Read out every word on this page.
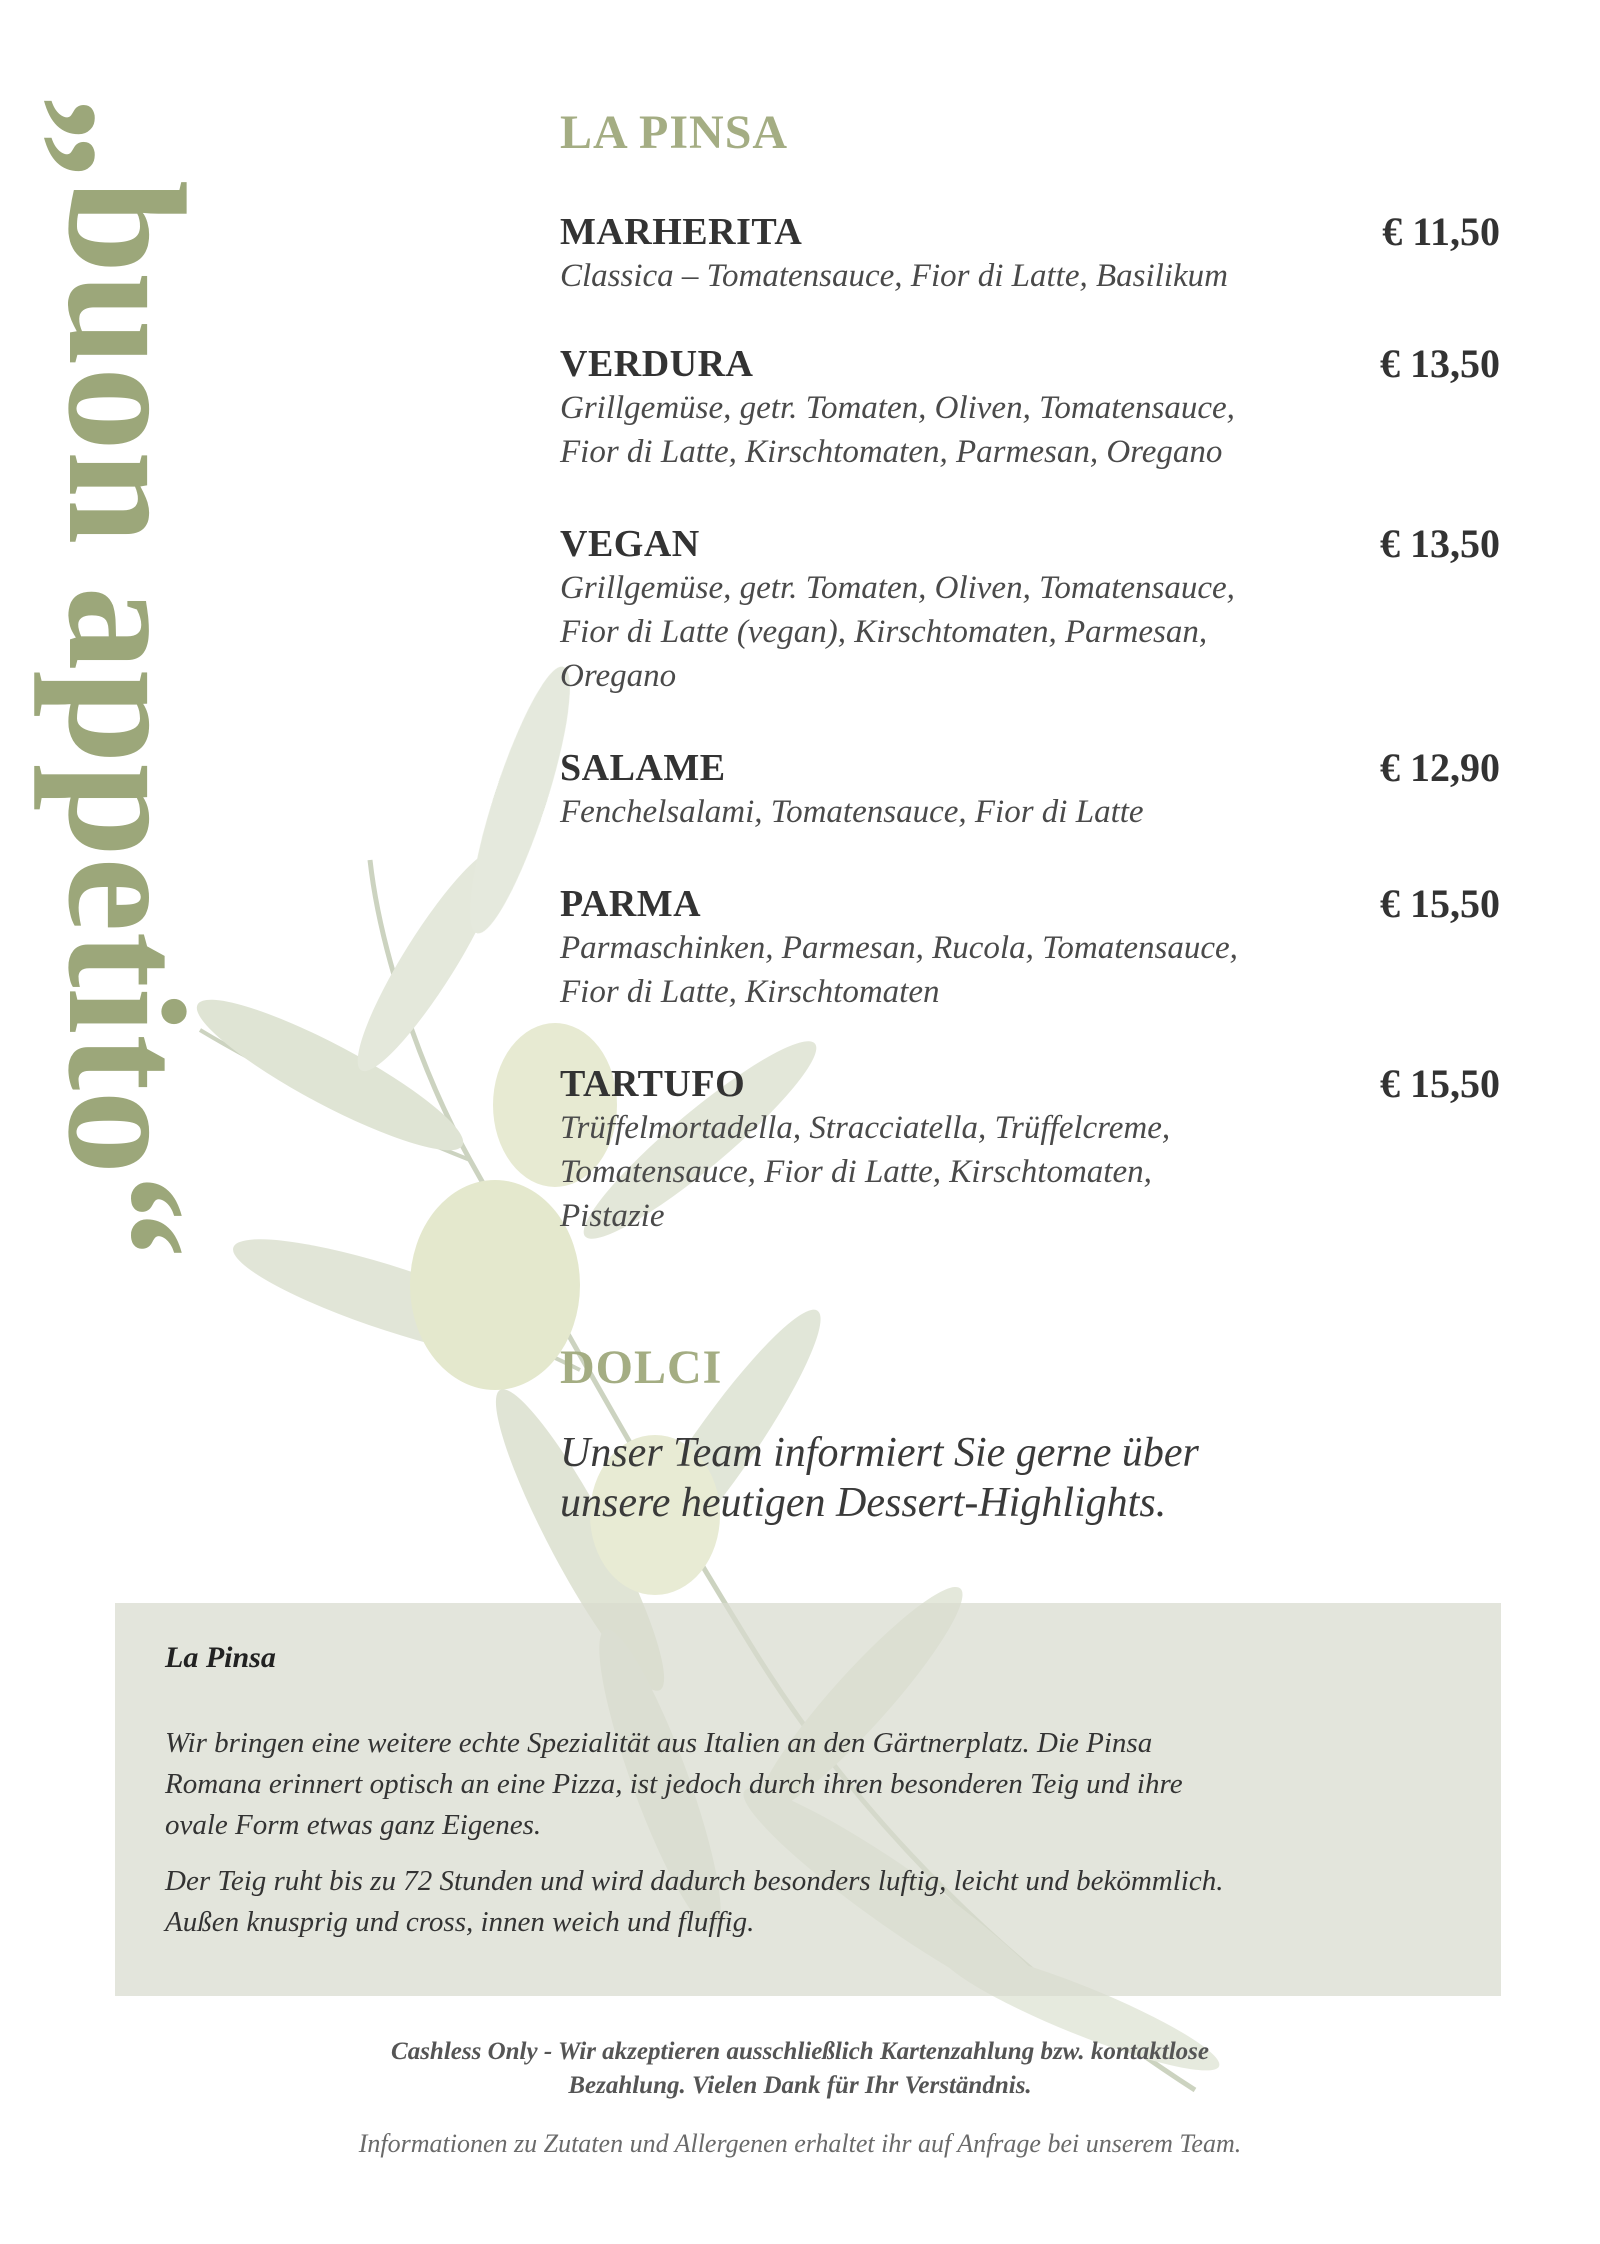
„buon appetito“	LA PINSA
MARHERITA	€ 11,50
Classica – Tomatensauce, Fior di Latte, Basilikum
VERDURA	€ 13,50
Grillgemüse, getr. Tomaten, Oliven, Tomatensauce,
Fior di Latte, Kirschtomaten, Parmesan, Oregano
VEGAN	€ 13,50
Grillgemüse, getr. Tomaten, Oliven, Tomatensauce,
Fior di Latte (vegan), Kirschtomaten, Parmesan,
Oregano
SALAME	€ 12,90
Fenchelsalami, Tomatensauce, Fior di Latte
PARMA	€ 15,50
Parmaschinken, Parmesan, Rucola, Tomatensauce,
Fior di Latte, Kirschtomaten
TARTUFO	€ 15,50
Trüffelmortadella, Stracciatella, Trüffelcreme,
Tomatensauce, Fior di Latte, Kirschtomaten,
Pistazie
DOLCI
Unser Team informiert Sie gerne über
unsere heutigen Dessert-Highlights.
La Pinsa
Wir bringen eine weitere echte Spezialität aus Italien an den Gärtnerplatz. Die Pinsa
Romana erinnert optisch an eine Pizza, ist jedoch durch ihren besonderen Teig und ihre
ovale Form etwas ganz Eigenes.
Der Teig ruht bis zu 72 Stunden und wird dadurch besonders luftig, leicht und bekömmlich.
Außen knusprig und cross, innen weich und fluffig.
Cashless Only - Wir akzeptieren ausschließlich Kartenzahlung bzw. kontaktlose
Bezahlung. Vielen Dank für Ihr Verständnis.
Informationen zu Zutaten und Allergenen erhaltet ihr auf Anfrage bei unserem Team.
